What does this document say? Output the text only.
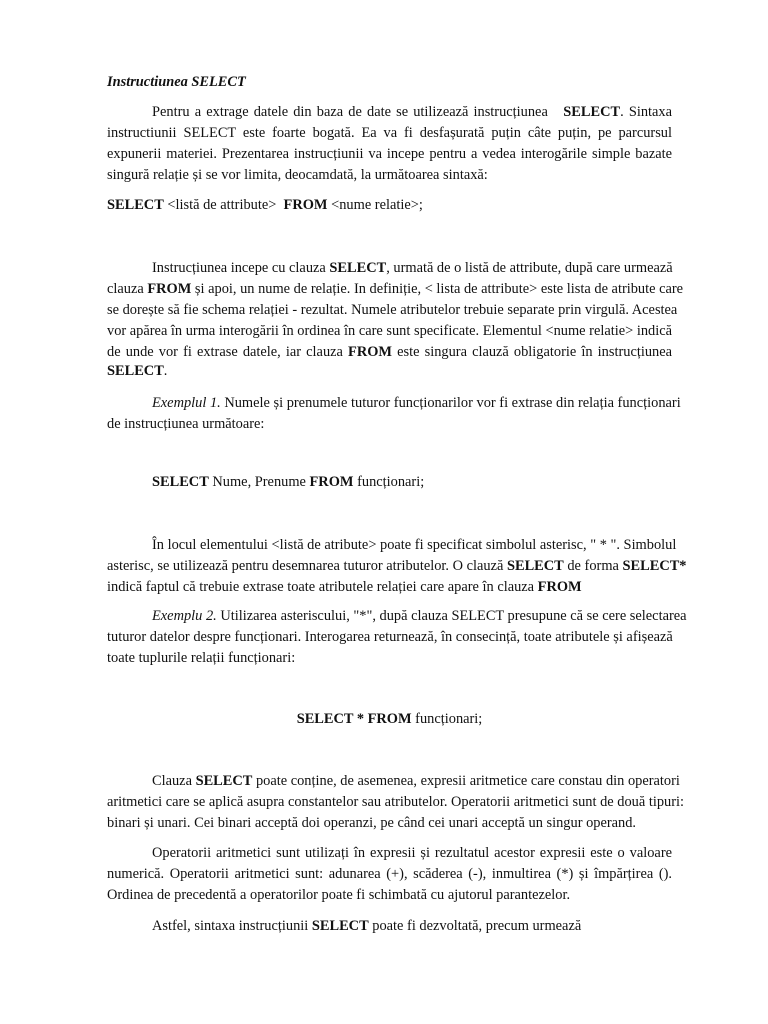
Instructiunea SELECT
Pentru a extrage datele din baza de date se utilizează instrucțiunea SELECT. Sintaxa
instructiunii SELECT este foarte bogată. Ea va fi desfașurată puțin câte puțin, pe parcursul
expunerii materiei. Prezentarea instrucțiunii va incepe pentru a vedea interogările simple bazate
singură relație și se vor limita, deocamdată, la următoarea sintaxă:
SELECT <listă de attribute>  FROM <nume relatie>;
Instrucțiunea incepe cu clauza SELECT, urmată de o listă de attribute, după care urmează
clauza FROM și apoi, un nume de relație. In definiție, < lista de attribute> este lista de atribute care
se dorește să fie schema relației - rezultat. Numele atributelor trebuie separate prin virgulă. Acestea
vor apărea în urma interogării în ordinea în care sunt specificate. Elementul <nume relatie> indică
de unde vor fi extrase datele, iar clauza FROM este singura clauză obligatorie în instrucțiunea
SELECT.
Exemplul 1. Numele și prenumele tuturor funcționarilor vor fi extrase din relația funcționari
de instrucțiunea următoare:
SELECT Nume, Prenume FROM funcționari;
În locul elementului <listă de atribute> poate fi specificat simbolul asterisc, " * ". Simbolul
asterisc, se utilizează pentru desemnarea tuturor atributelor. O clauză SELECT de forma SELECT*
indică faptul că trebuie extrase toate atributele relației care apare în clauza FROM
Exemplu 2. Utilizarea asteriscului, "*", după clauza SELECT presupune că se cere selectarea
tuturor datelor despre funcționari. Interogarea returnează, în consecință, toate atributele și afișează
toate tuplurile relații funcționari:
SELECT * FROM funcționari;
Clauza SELECT poate conține, de asemenea, expresii aritmetice care constau din operatori
aritmetici care se aplică asupra constantelor sau atributelor. Operatorii aritmetici sunt de două tipuri:
binari și unari. Cei binari acceptă doi operanzi, pe când cei unari acceptă un singur operand.
Operatorii aritmetici sunt utilizați în expresii și rezultatul acestor expresii este o valoare
numerică. Operatorii aritmetici sunt: adunarea (+), scăderea (-), inmultirea (*) și împărțirea ().
Ordinea de precedentă a operatorilor poate fi schimbată cu ajutorul parantezelor.
Astfel, sintaxa instrucțiunii SELECT poate fi dezvoltată, precum urmează
